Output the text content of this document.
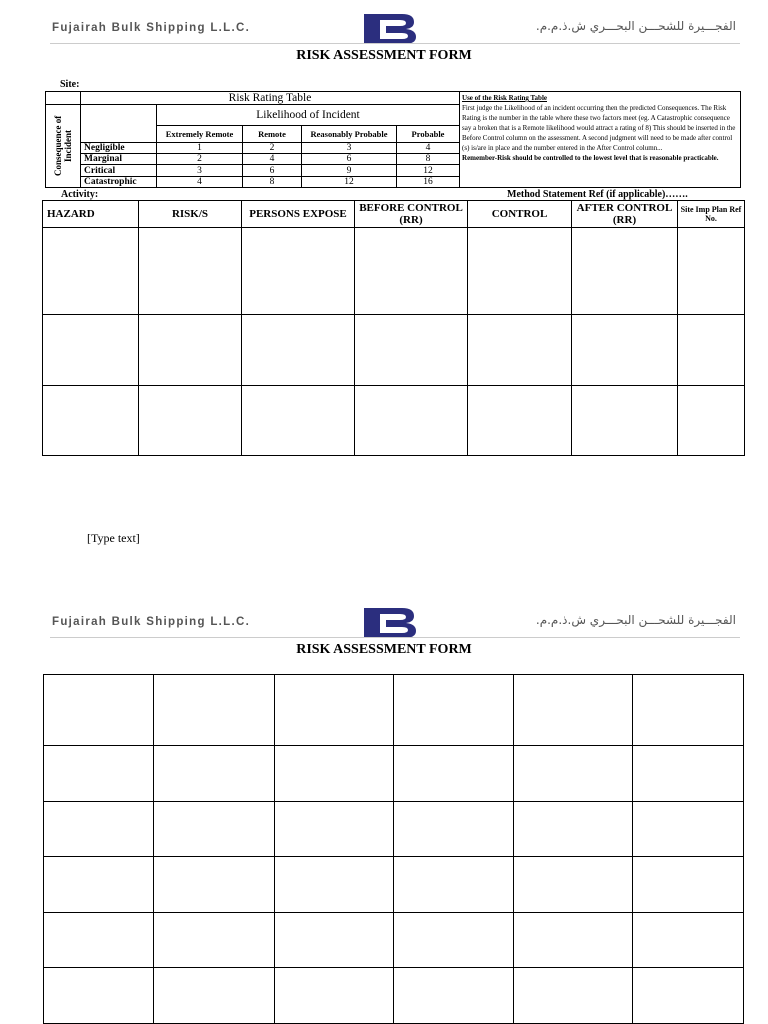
Fujairah Bulk Shipping L.L.C.	الفجـــيرة للشحـــن البحـــري ش.ذ.م.م.
RISK ASSESSMENT FORM
Site:
	Risk Rating Table					Use of the Risk Rating Table
First judge the Likelihood of an incident occurring then the predicted Consequences. The Risk Rating is the number in the table where these two factors meet (eg. A Catastrophic consequence say a broken that is a Remote likelihood would attract a rating of 8) This should be inserted in the Before Control column on the assessment. A second judgment will need to be made after control (s) is/are in place and the number entered in the After Control column...
Remember-Risk should be controlled to the lowest level that is reasonable practicable.

Consequence of Incident		Likelihood of Incident				
		Extremely Remote	Remote	Reasonably Probable	Probable	
	Negligible	1	2	3	4	
	Marginal	2	4	6	8	
	Critical	3	6	9	12	
	Catastrophic	4	8	12	16	
Activity:	Method Statement Ref (if applicable)…….
HAZARD	RISK/S	PERSONS EXPOSE	BEFORE CONTROL (RR)	CONTROL	AFTER CONTROL (RR)	Site Imp Plan Ref No.

[Type text]
Fujairah Bulk Shipping L.L.C.	الفجـــيرة للشحـــن البحـــري ش.ذ.م.م.
RISK ASSESSMENT FORM
